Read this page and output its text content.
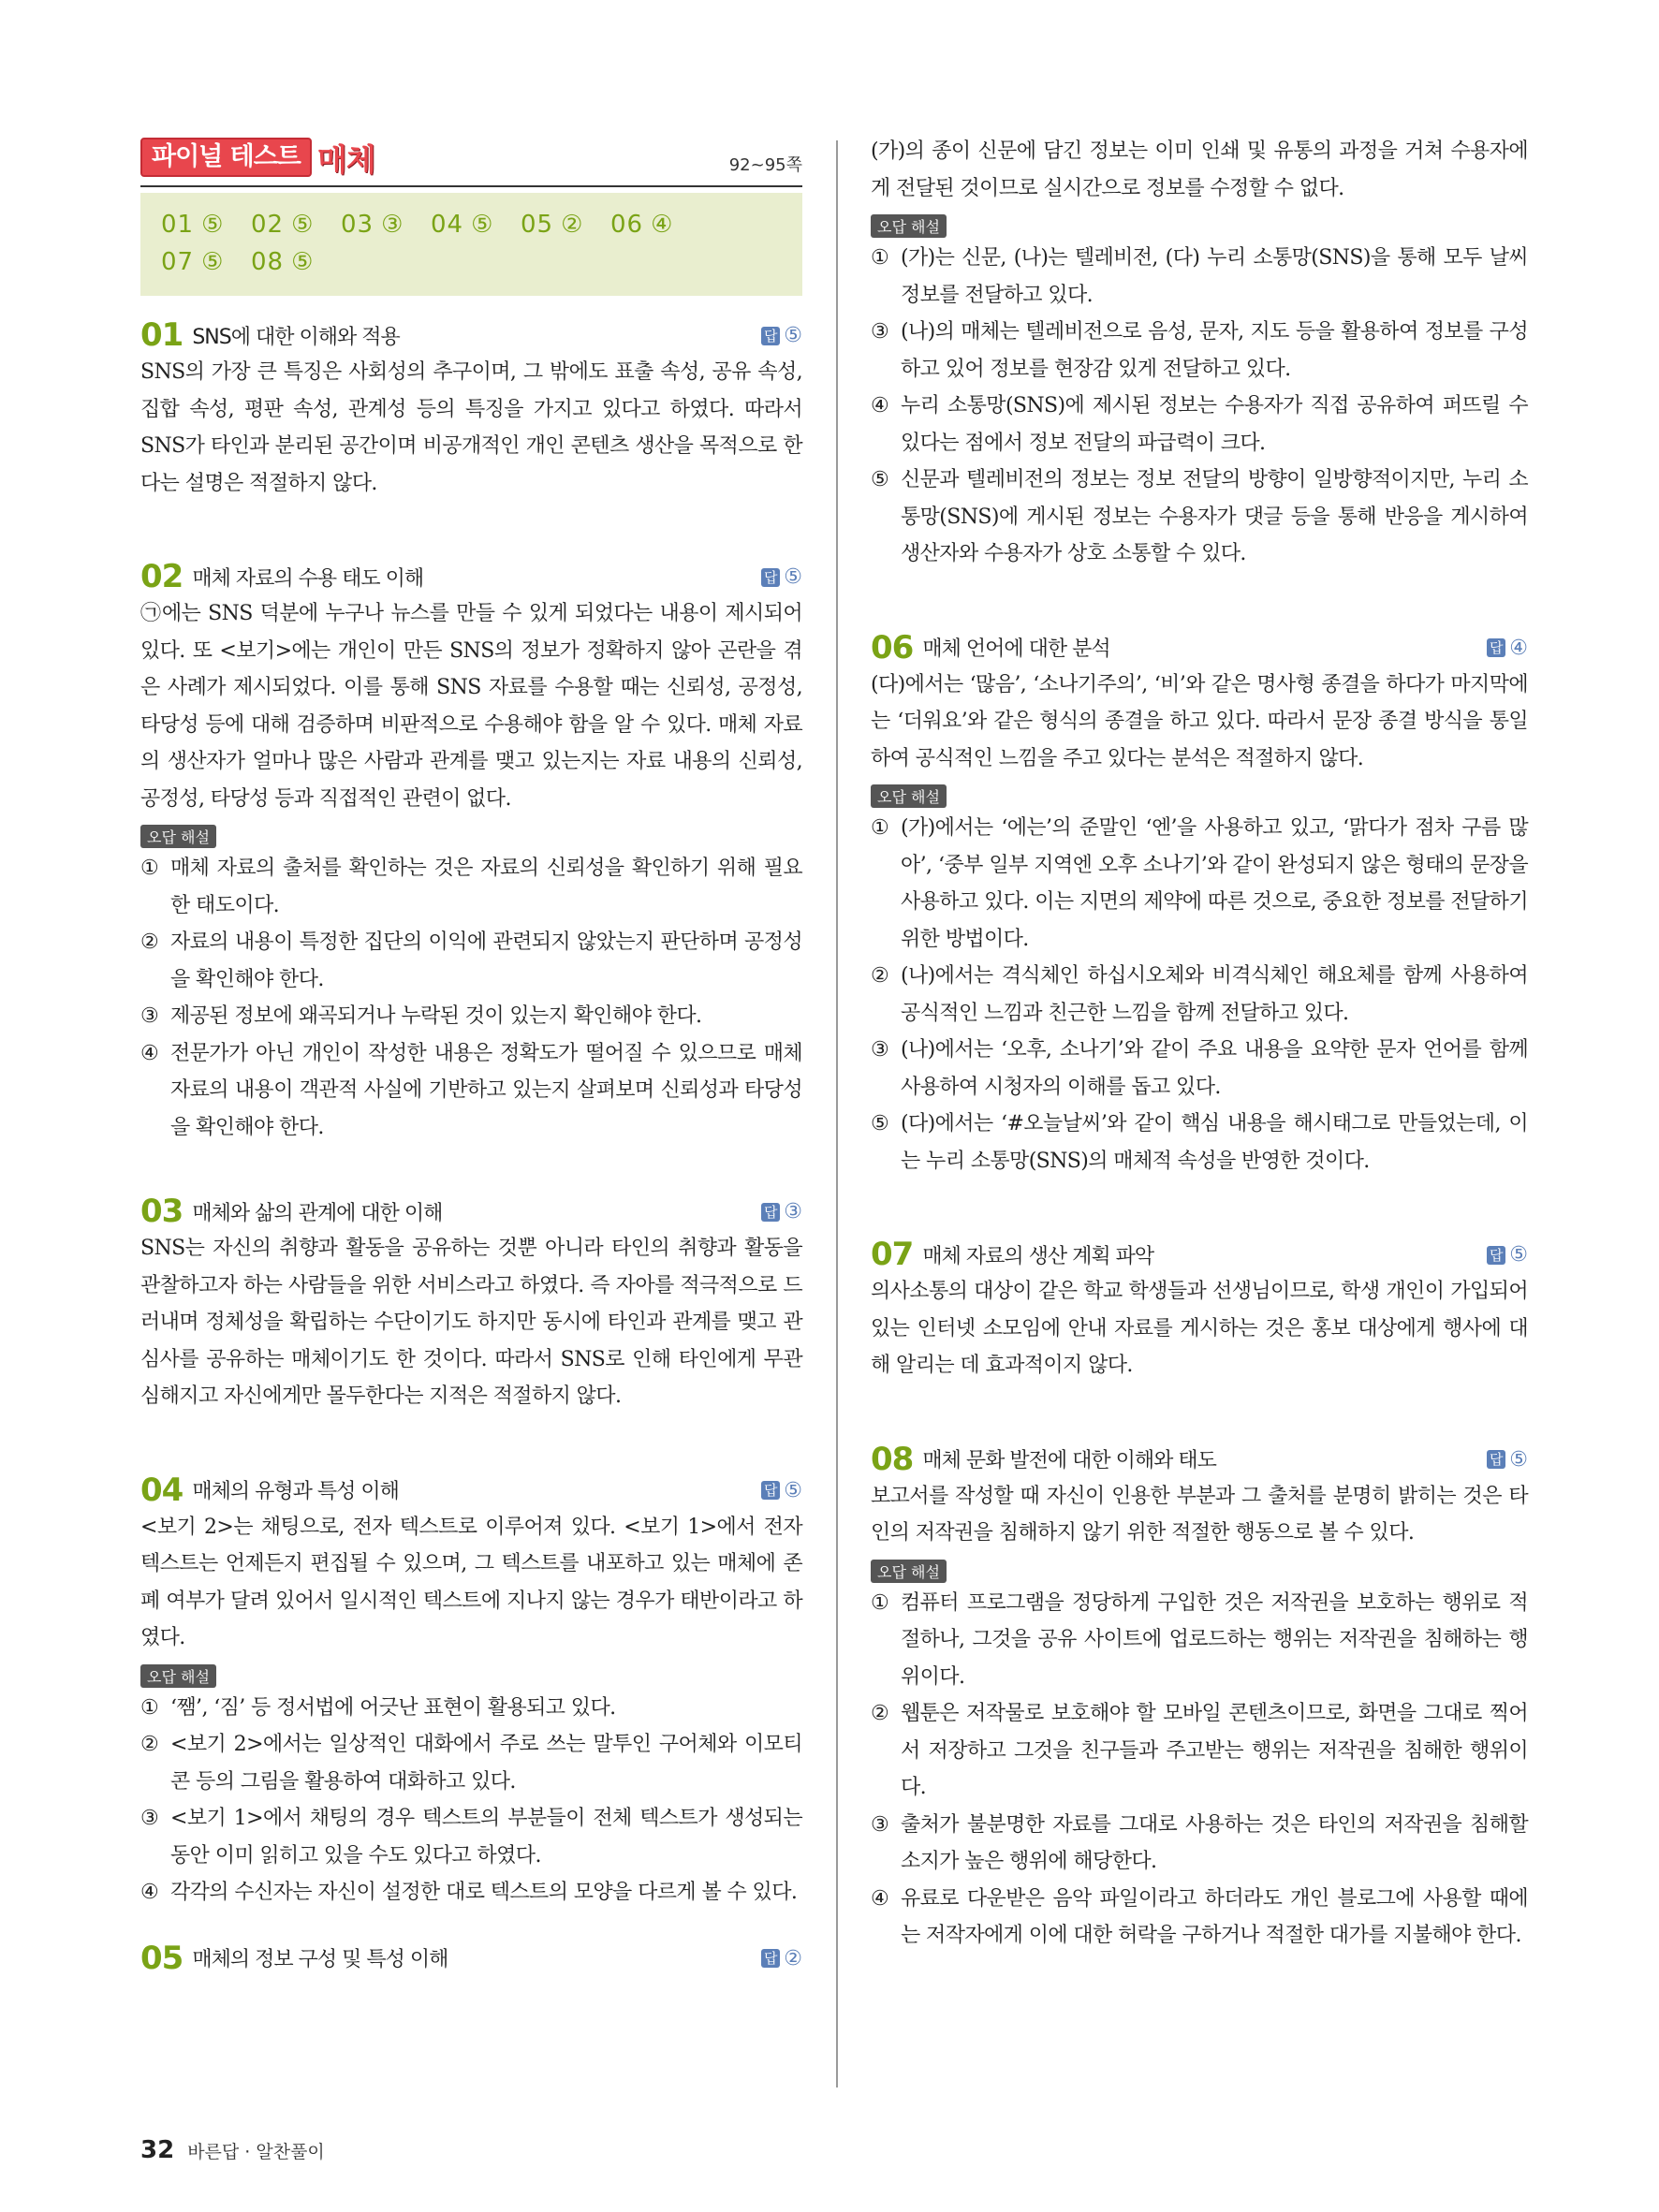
파이널 테스트 매체	92~95쪽
01 ⑤	02 ⑤	03 ③	04 ⑤	05 ②	06 ④
07 ⑤	08 ⑤
01 SNS에 대한 이해와 적용	답 ⑤
SNS의 가장 큰 특징은 사회성의 추구이며, 그 밖에도 표출 속성, 공유 속성, 집합 속성, 평판 속성, 관계성 등의 특징을 가지고 있다고 하였다. 따라서 SNS가 타인과 분리된 공간이며 비공개적인 개인 콘텐츠 생산을 목적으로 한다는 설명은 적절하지 않다.
02 매체 자료의 수용 태도 이해	답 ⑤
㉠에는 SNS 덕분에 누구나 뉴스를 만들 수 있게 되었다는 내용이 제시되어 있다. 또 <보기>에는 개인이 만든 SNS의 정보가 정확하지 않아 곤란을 겪은 사례가 제시되었다. 이를 통해 SNS 자료를 수용할 때는 신뢰성, 공정성, 타당성 등에 대해 검증하며 비판적으로 수용해야 함을 알 수 있다. 매체 자료의 생산자가 얼마나 많은 사람과 관계를 맺고 있는지는 자료 내용의 신뢰성, 공정성, 타당성 등과 직접적인 관련이 없다.
오답 해설
① 매체 자료의 출처를 확인하는 것은 자료의 신뢰성을 확인하기 위해 필요한 태도이다.
② 자료의 내용이 특정한 집단의 이익에 관련되지 않았는지 판단하며 공정성을 확인해야 한다.
③ 제공된 정보에 왜곡되거나 누락된 것이 있는지 확인해야 한다.
④ 전문가가 아닌 개인이 작성한 내용은 정확도가 떨어질 수 있으므로 매체 자료의 내용이 객관적 사실에 기반하고 있는지 살펴보며 신뢰성과 타당성을 확인해야 한다.
03 매체와 삶의 관계에 대한 이해	답 ③
SNS는 자신의 취향과 활동을 공유하는 것뿐 아니라 타인의 취향과 활동을 관찰하고자 하는 사람들을 위한 서비스라고 하였다. 즉 자아를 적극적으로 드러내며 정체성을 확립하는 수단이기도 하지만 동시에 타인과 관계를 맺고 관심사를 공유하는 매체이기도 한 것이다. 따라서 SNS로 인해 타인에게 무관심해지고 자신에게만 몰두한다는 지적은 적절하지 않다.
04 매체의 유형과 특성 이해	답 ⑤
<보기 2>는 채팅으로, 전자 텍스트로 이루어져 있다. <보기 1>에서 전자 텍스트는 언제든지 편집될 수 있으며, 그 텍스트를 내포하고 있는 매체에 존폐 여부가 달려 있어서 일시적인 텍스트에 지나지 않는 경우가 태반이라고 하였다.
오답 해설
① ‘쨈’, ‘짐’ 등 정서법에 어긋난 표현이 활용되고 있다.
② <보기 2>에서는 일상적인 대화에서 주로 쓰는 말투인 구어체와 이모티콘 등의 그림을 활용하여 대화하고 있다.
③ <보기 1>에서 채팅의 경우 텍스트의 부분들이 전체 텍스트가 생성되는 동안 이미 읽히고 있을 수도 있다고 하였다.
④ 각각의 수신자는 자신이 설정한 대로 텍스트의 모양을 다르게 볼 수 있다.
05 매체의 정보 구성 및 특성 이해	답 ②
(가)의 종이 신문에 담긴 정보는 이미 인쇄 및 유통의 과정을 거쳐 수용자에게 전달된 것이므로 실시간으로 정보를 수정할 수 없다.
오답 해설
① (가)는 신문, (나)는 텔레비전, (다) 누리 소통망(SNS)을 통해 모두 날씨 정보를 전달하고 있다.
③ (나)의 매체는 텔레비전으로 음성, 문자, 지도 등을 활용하여 정보를 구성하고 있어 정보를 현장감 있게 전달하고 있다.
④ 누리 소통망(SNS)에 제시된 정보는 수용자가 직접 공유하여 퍼뜨릴 수 있다는 점에서 정보 전달의 파급력이 크다.
⑤ 신문과 텔레비전의 정보는 정보 전달의 방향이 일방향적이지만, 누리 소통망(SNS)에 게시된 정보는 수용자가 댓글 등을 통해 반응을 게시하여 생산자와 수용자가 상호 소통할 수 있다.
06 매체 언어에 대한 분석	답 ④
(다)에서는 ‘많음’, ‘소나기주의’, ‘비’와 같은 명사형 종결을 하다가 마지막에는 ‘더워요’와 같은 형식의 종결을 하고 있다. 따라서 문장 종결 방식을 통일하여 공식적인 느낌을 주고 있다는 분석은 적절하지 않다.
오답 해설
① (가)에서는 ‘에는’의 준말인 ‘엔’을 사용하고 있고, ‘맑다가 점차 구름 많아’, ‘중부 일부 지역엔 오후 소나기’와 같이 완성되지 않은 형태의 문장을 사용하고 있다. 이는 지면의 제약에 따른 것으로, 중요한 정보를 전달하기 위한 방법이다.
② (나)에서는 격식체인 하십시오체와 비격식체인 해요체를 함께 사용하여 공식적인 느낌과 친근한 느낌을 함께 전달하고 있다.
③ (나)에서는 ‘오후, 소나기’와 같이 주요 내용을 요약한 문자 언어를 함께 사용하여 시청자의 이해를 돕고 있다.
⑤ (다)에서는 ‘#오늘날씨’와 같이 핵심 내용을 해시태그로 만들었는데, 이는 누리 소통망(SNS)의 매체적 속성을 반영한 것이다.
07 매체 자료의 생산 계획 파악	답 ⑤
의사소통의 대상이 같은 학교 학생들과 선생님이므로, 학생 개인이 가입되어 있는 인터넷 소모임에 안내 자료를 게시하는 것은 홍보 대상에게 행사에 대해 알리는 데 효과적이지 않다.
08 매체 문화 발전에 대한 이해와 태도	답 ⑤
보고서를 작성할 때 자신이 인용한 부분과 그 출처를 분명히 밝히는 것은 타인의 저작권을 침해하지 않기 위한 적절한 행동으로 볼 수 있다.
오답 해설
① 컴퓨터 프로그램을 정당하게 구입한 것은 저작권을 보호하는 행위로 적절하나, 그것을 공유 사이트에 업로드하는 행위는 저작권을 침해하는 행위이다.
② 웹툰은 저작물로 보호해야 할 모바일 콘텐츠이므로, 화면을 그대로 찍어서 저장하고 그것을 친구들과 주고받는 행위는 저작권을 침해한 행위이다.
③ 출처가 불분명한 자료를 그대로 사용하는 것은 타인의 저작권을 침해할 소지가 높은 행위에 해당한다.
④ 유료로 다운받은 음악 파일이라고 하더라도 개인 블로그에 사용할 때에는 저작자에게 이에 대한 허락을 구하거나 적절한 대가를 지불해야 한다.
32 바른답 · 알찬풀이
